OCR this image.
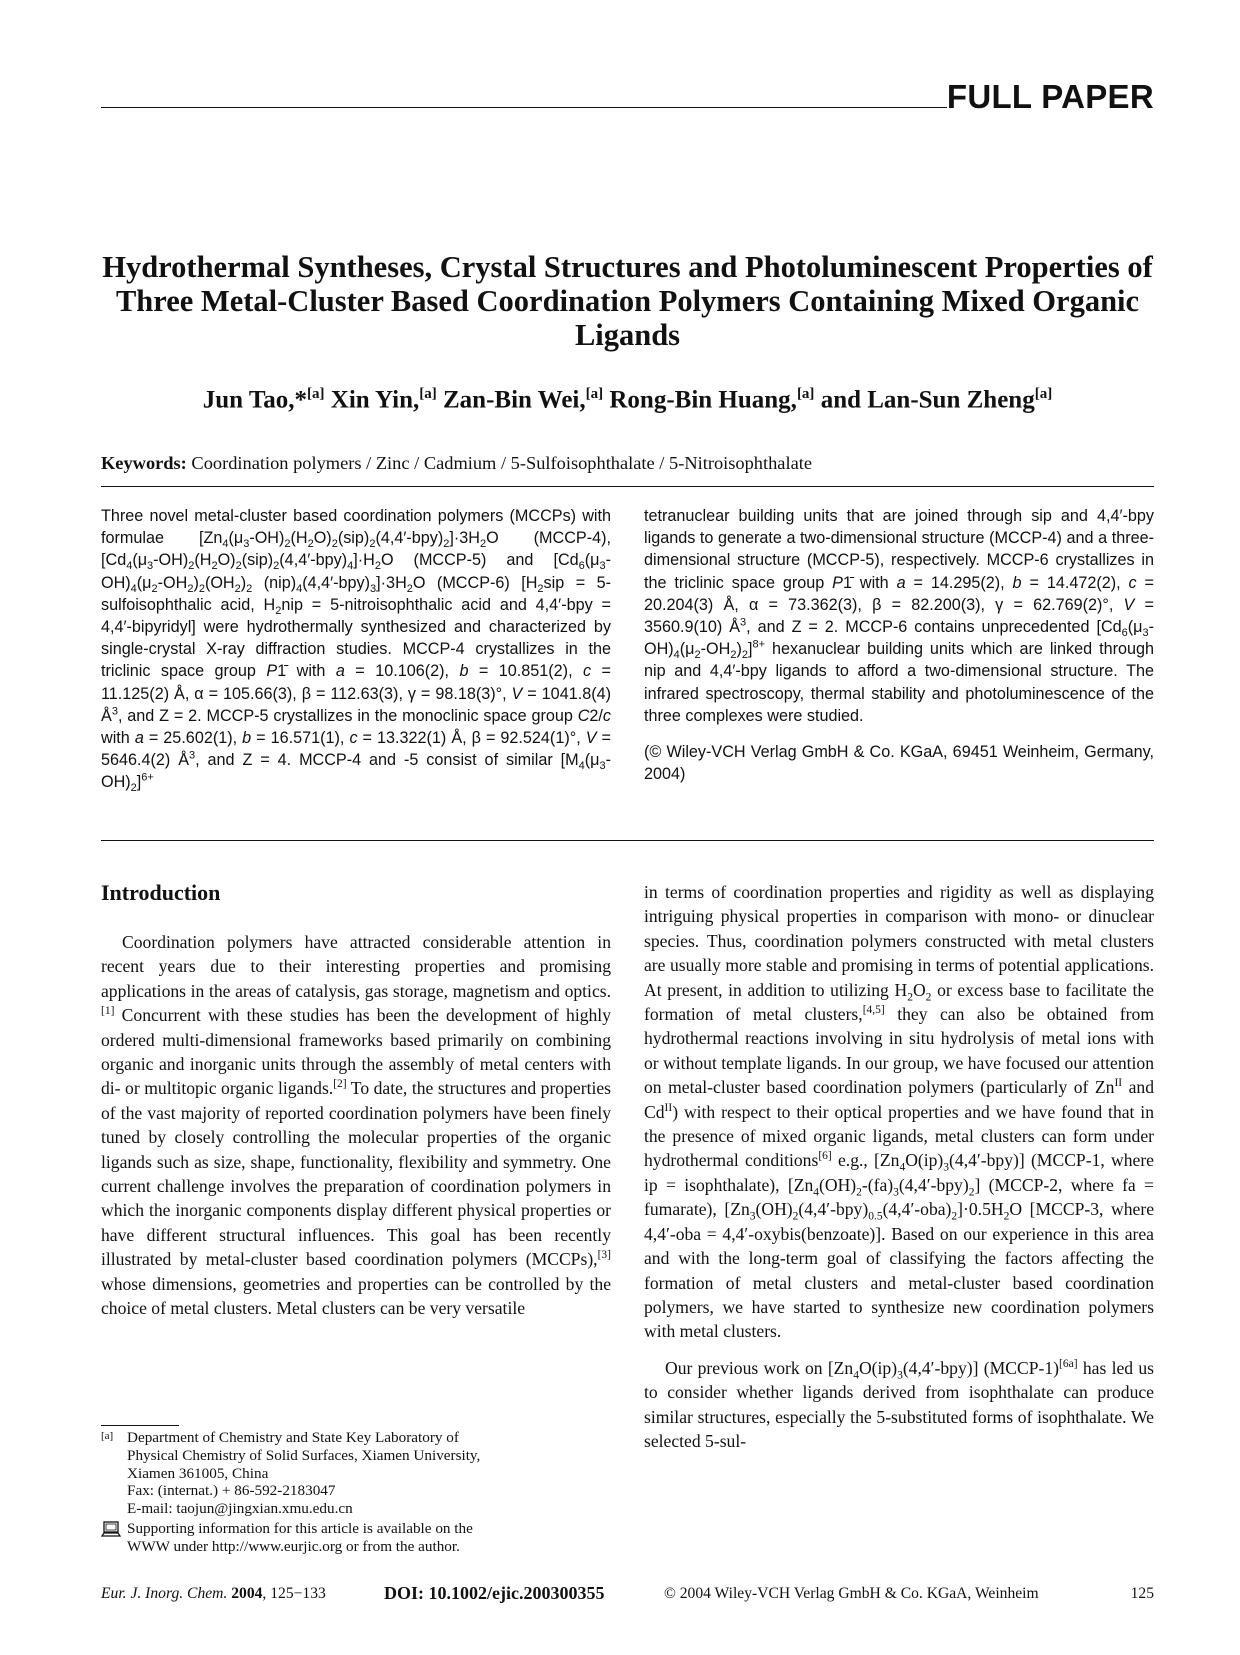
FULL PAPER
Hydrothermal Syntheses, Crystal Structures and Photoluminescent Properties of Three Metal-Cluster Based Coordination Polymers Containing Mixed Organic Ligands
Jun Tao,*[a] Xin Yin,[a] Zan-Bin Wei,[a] Rong-Bin Huang,[a] and Lan-Sun Zheng[a]
Keywords: Coordination polymers / Zinc / Cadmium / 5-Sulfoisophthalate / 5-Nitroisophthalate

Three novel metal-cluster based coordination polymers (MCCPs) with formulae $[Zn_4(\mu_3-OH)_2(H_2O)_2(sip)_2(4,4'-bpy)_2]\cdot 3H_2O$ (MCCP-4), $[Cd_4(\mu_3-OH)_2(H_2O)_2(sip)_2(4,4'-bpy)_4]\cdot H_2O$ (MCCP-5) and [$Cd_6(\mu_3-OH)_4(\mu_2-OH_2)_2(OH_2)_2$ $(nip)_4(4,4'-bpy)_3]\cdot 3H_2O$ (MCCP-6) [$H_2sip$ = 5-sulfoisophthalic acid, $H_2nip$ = 5-nitroisophthalic acid and 4,4′-bpy = 4,4′-bipyridyl] were hydrothermally synthesized and characterized by single-crystal X-ray diffraction studies. MCCP-4 crystallizes in the triclinic space group P1̄ with a = 10.106(2), b = 10.851(2), c = 11.125(2) Å, α = 105.66(3), β = 112.63(3), γ = 98.18(3)°, V = 1041.8(4) $Å^3$, and Z = 2. MCCP-5 crystallizes in the monoclinic space group C2/c with a = 25.602(1), b = 16.571(1), c = 13.322(1) Å, β = 92.524(1)°, V = 5646.4(2) $Å^3$, and Z = 4. MCCP-4 and -5 consist of similar $[M_4(\mu_3-OH)_2]^{6+}$

tetranuclear building units that are joined through sip and 4,4′-bpy ligands to generate a two-dimensional structure (MCCP-4) and a three-dimensional structure (MCCP-5), respectively. MCCP-6 crystallizes in the triclinic space group P1̄ with a = 14.295(2), b = 14.472(2), c = 20.204(3) Å, α = 73.362(3), β = 82.200(3), γ = 62.769(2)°, V = 3560.9(10) $Å^3$, and Z = 2. MCCP-6 contains unprecedented $[Cd_6(\mu_3-OH)_4(\mu_2-OH_2)_2]^{8+}$ hexanuclear building units which are linked through nip and 4,4′-bpy ligands to afford a two-dimensional structure. The infrared spectroscopy, thermal stability and photoluminescence of the three complexes were studied.

(© Wiley-VCH Verlag GmbH & Co. KGaA, 69451 Weinheim, Germany, 2004)

Introduction

Coordination polymers have attracted considerable attention in recent years due to their interesting properties and promising applications in the areas of catalysis, gas storage, magnetism and optics.[1] Concurrent with these studies has been the development of highly ordered multi-dimensional frameworks based primarily on combining organic and inorganic units through the assembly of metal centers with di- or multitopic organic ligands.[2] To date, the structures and properties of the vast majority of reported coordination polymers have been finely tuned by closely controlling the molecular properties of the organic ligands such as size, shape, functionality, flexibility and symmetry. One current challenge involves the preparation of coordination polymers in which the inorganic components display different physical properties or have different structural influences. This goal has been recently illustrated by metal-cluster based coordination polymers (MCCPs),[3] whose dimensions, geometries and properties can be controlled by the choice of metal clusters. Metal clusters can be very versatile

in terms of coordination properties and rigidity as well as displaying intriguing physical properties in comparison with mono- or dinuclear species. Thus, coordination polymers constructed with metal clusters are usually more stable and promising in terms of potential applications. At present, in addition to utilizing $H_2O_2$ or excess base to facilitate the formation of metal clusters,[4,5] they can also be obtained from hydrothermal reactions involving in situ hydrolysis of metal ions with or without template ligands. In our group, we have focused our attention on metal-cluster based coordination polymers (particularly of $Zn^{II}$ and $Cd^{II}$) with respect to their optical properties and we have found that in the presence of mixed organic ligands, metal clusters can form under hydrothermal conditions[6] e.g., $[Zn_4O(ip)_3(4,4'-bpy)]$ (MCCP-1, where ip = isophthalate), $[Zn_4(OH)_2-(fa)_3(4,4'-bpy)_2]$ (MCCP-2, where fa = fumarate), $[Zn_3(OH)_2(4,4'-bpy)_{0.5}(4,4'-oba)_2]\cdot 0.5H_2O$ [MCCP-3, where 4,4′-oba = 4,4′-oxybis(benzoate)]. Based on our experience in this area and with the long-term goal of classifying the factors affecting the formation of metal clusters and metal-cluster based coordination polymers, we have started to synthesize new coordination polymers with metal clusters.

Our previous work on $[Zn_4O(ip)_3(4,4'-bpy)]$ (MCCP-1)[6a] has led us to consider whether ligands derived from isophthalate can produce similar structures, especially the 5-substituted forms of isophthalate. We selected 5-sul-

[a] Department of Chemistry and State Key Laboratory of
Physical Chemistry of Solid Surfaces, Xiamen University,
Xiamen 361005, China
Fax: (internat.) + 86-592-2183047
E-mail: taojun@jingxian.xmu.edu.cn
Supporting information for this article is available on the
WWW under http://www.eurjic.org or from the author.
Eur. J. Inorg. Chem. 2004, 125−133	DOI: 10.1002/ejic.200300355	© 2004 Wiley-VCH Verlag GmbH & Co. KGaA, Weinheim	125
